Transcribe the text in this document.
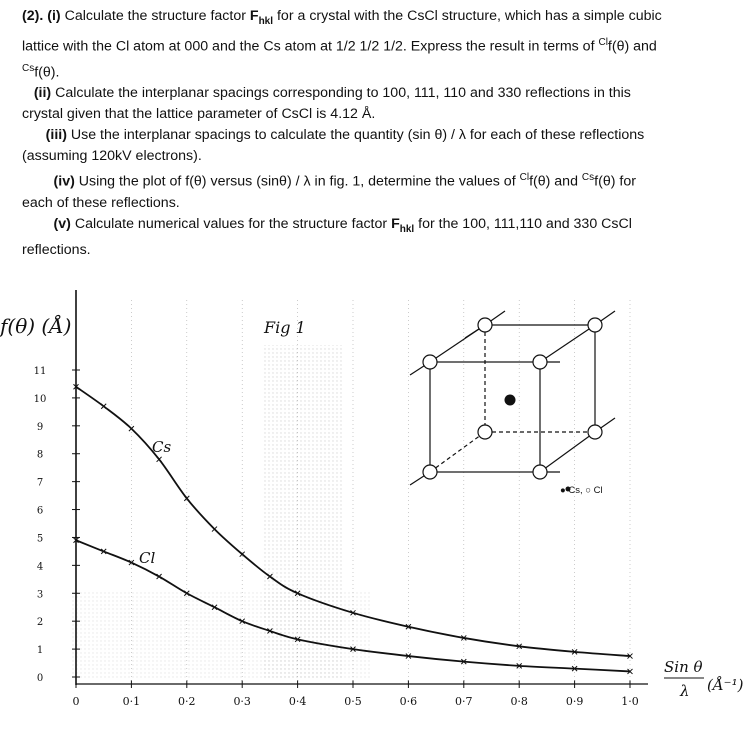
(2). (i) Calculate the structure factor $F_{hkl}$ for a crystal with the CsCl structure, which has a simple cubic lattice with the Cl atom at 000 and the Cs atom at 1/2 1/2 1/2. Express the result in terms of $^{Cl}$f(θ) and $^{Cs}$f(θ).
(ii) Calculate the interplanar spacings corresponding to 100, 111, 110 and 330 reflections in this crystal given that the lattice parameter of CsCl is 4.12 Å.
(iii) Use the interplanar spacings to calculate the quantity (sin θ) / λ for each of these reflections (assuming 120kV electrons).
(iv) Using the plot of f(θ) versus (sinθ) / λ in fig. 1, determine the values of $^{Cl}$f(θ) and $^{Cs}$f(θ) for each of these reflections.
(v) Calculate numerical values for the structure factor $F_{hkl}$ for the 100, 111,110 and 330 CsCl reflections.
0	0·1	0·2	0·3	0·4	0·5	0·6	0·7	0·8	0·9	1·0
0
1
2
3
4
5
6
7
8
9
10
11
f(θ) (Å)	Fig 1
Sin θ
λ (Å⁻¹)
Cs
Cl
● Cs, ○ Cl
